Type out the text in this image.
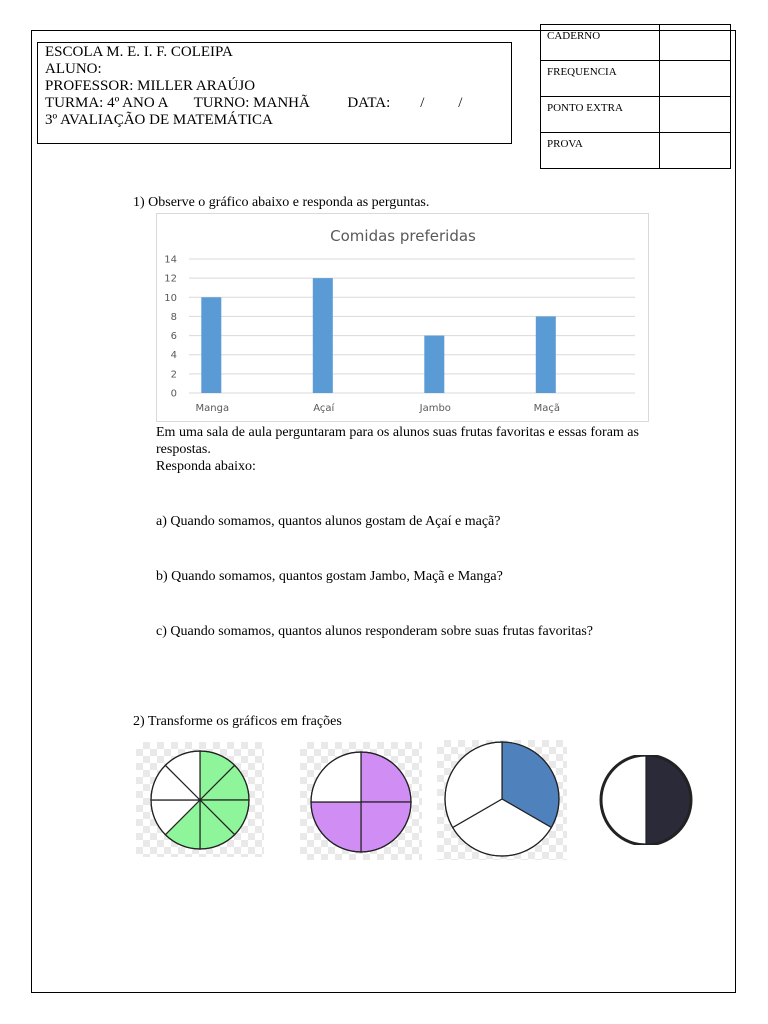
ESCOLA M. E. I. F. COLEIPA
ALUNO:
PROFESSOR: MILLER ARAÚJO
TURMA: 4º ANO A       TURNO: MANHÃ          DATA:        /         /
3º AVALIAÇÃO DE MATEMÁTICA
CADERNO	
FREQUENCIA	
PONTO EXTRA	
PROVA	
1) Observe o gráfico abaixo e responda as perguntas.
Comidas preferidas
0
2
4
6
8
10
12
14
Manga	Açaí	Jambo	Maçã
Em uma sala de aula perguntaram para os alunos suas frutas favoritas e essas foram as respostas.
Responda abaixo:
a) Quando somamos, quantos alunos gostam de Açaí e maçã?
b) Quando somamos, quantos gostam Jambo, Maçã e Manga?
c) Quando somamos, quantos alunos responderam sobre suas frutas favoritas?
2) Transforme os gráficos em frações
